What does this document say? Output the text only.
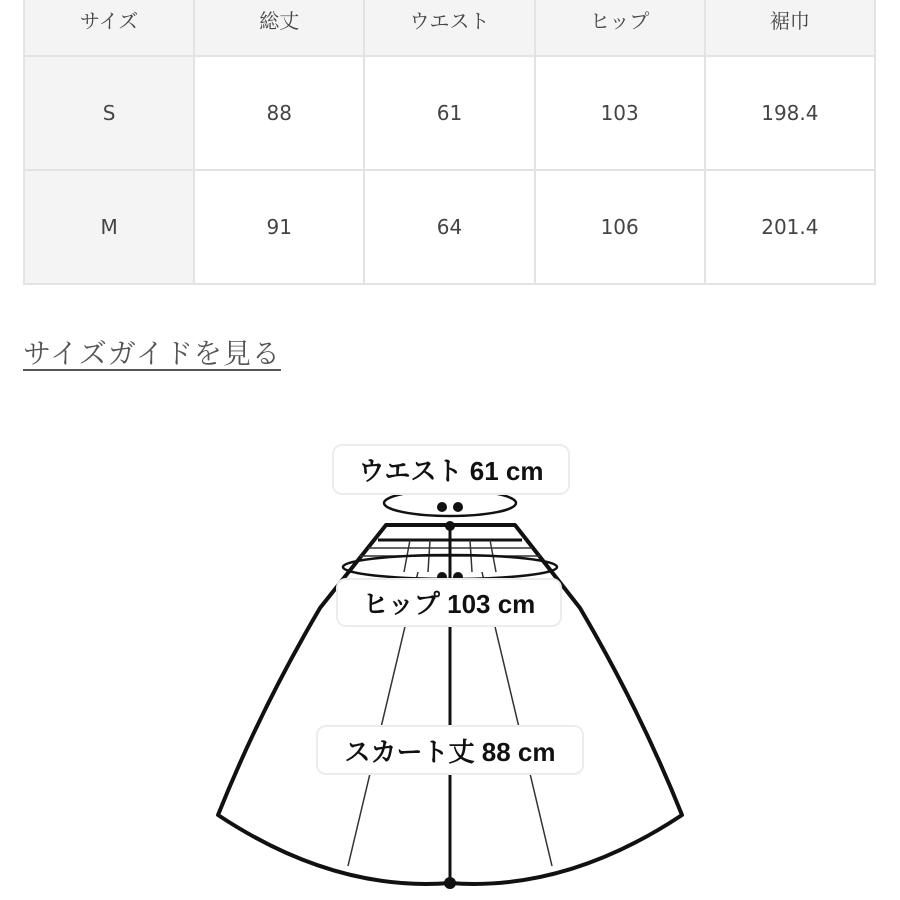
サイズ	総丈	ウエスト	ヒップ	裾巾
S	88	61	103	198.4
M	91	64	106	201.4
サイズガイドを見る
ウエスト 61 cm
ヒップ 103 cm
スカート丈 88 cm
